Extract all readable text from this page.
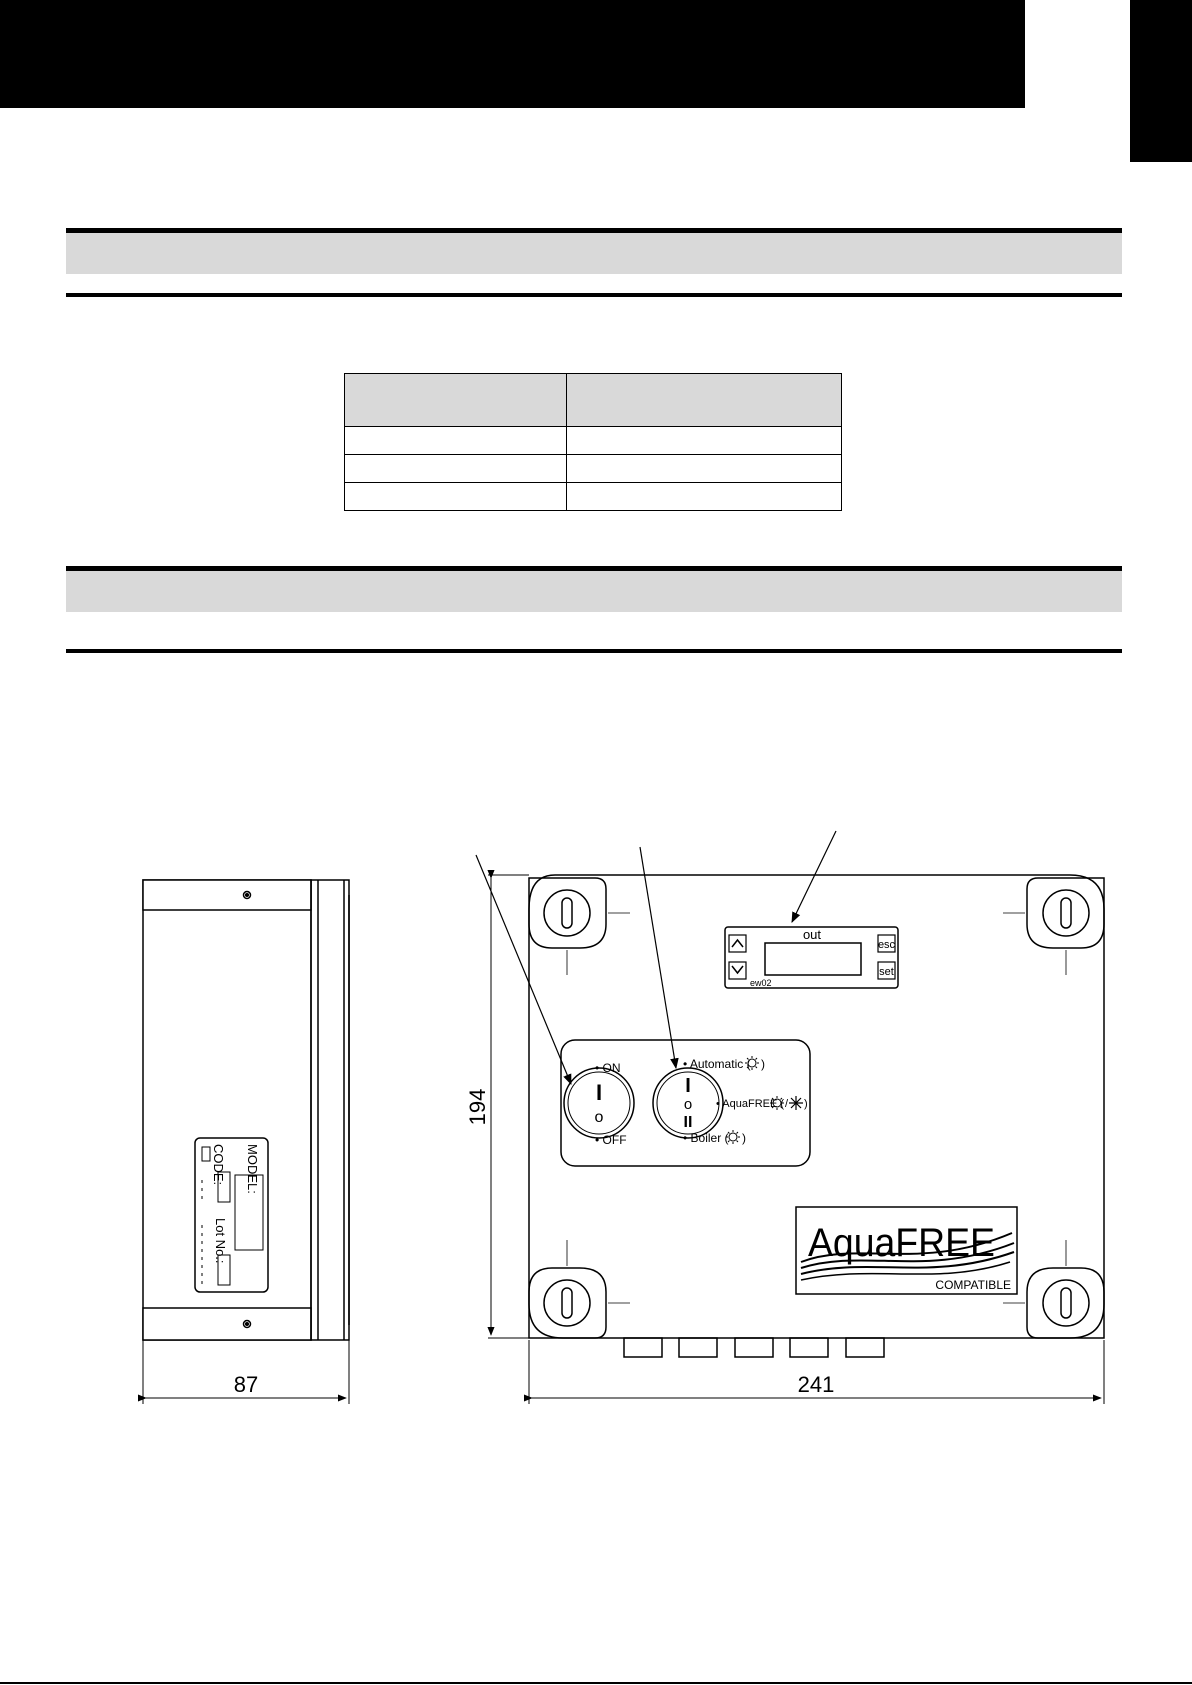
MODEL:
CODE:
Lot No.:
87
out
esc
set
ew02
• ON
• OFF
I
o
I
o
II
• Automatic ( )
• AquaFREE ( / )
• Boiler ( )
AquaFREE
COMPATIBLE
194
241
